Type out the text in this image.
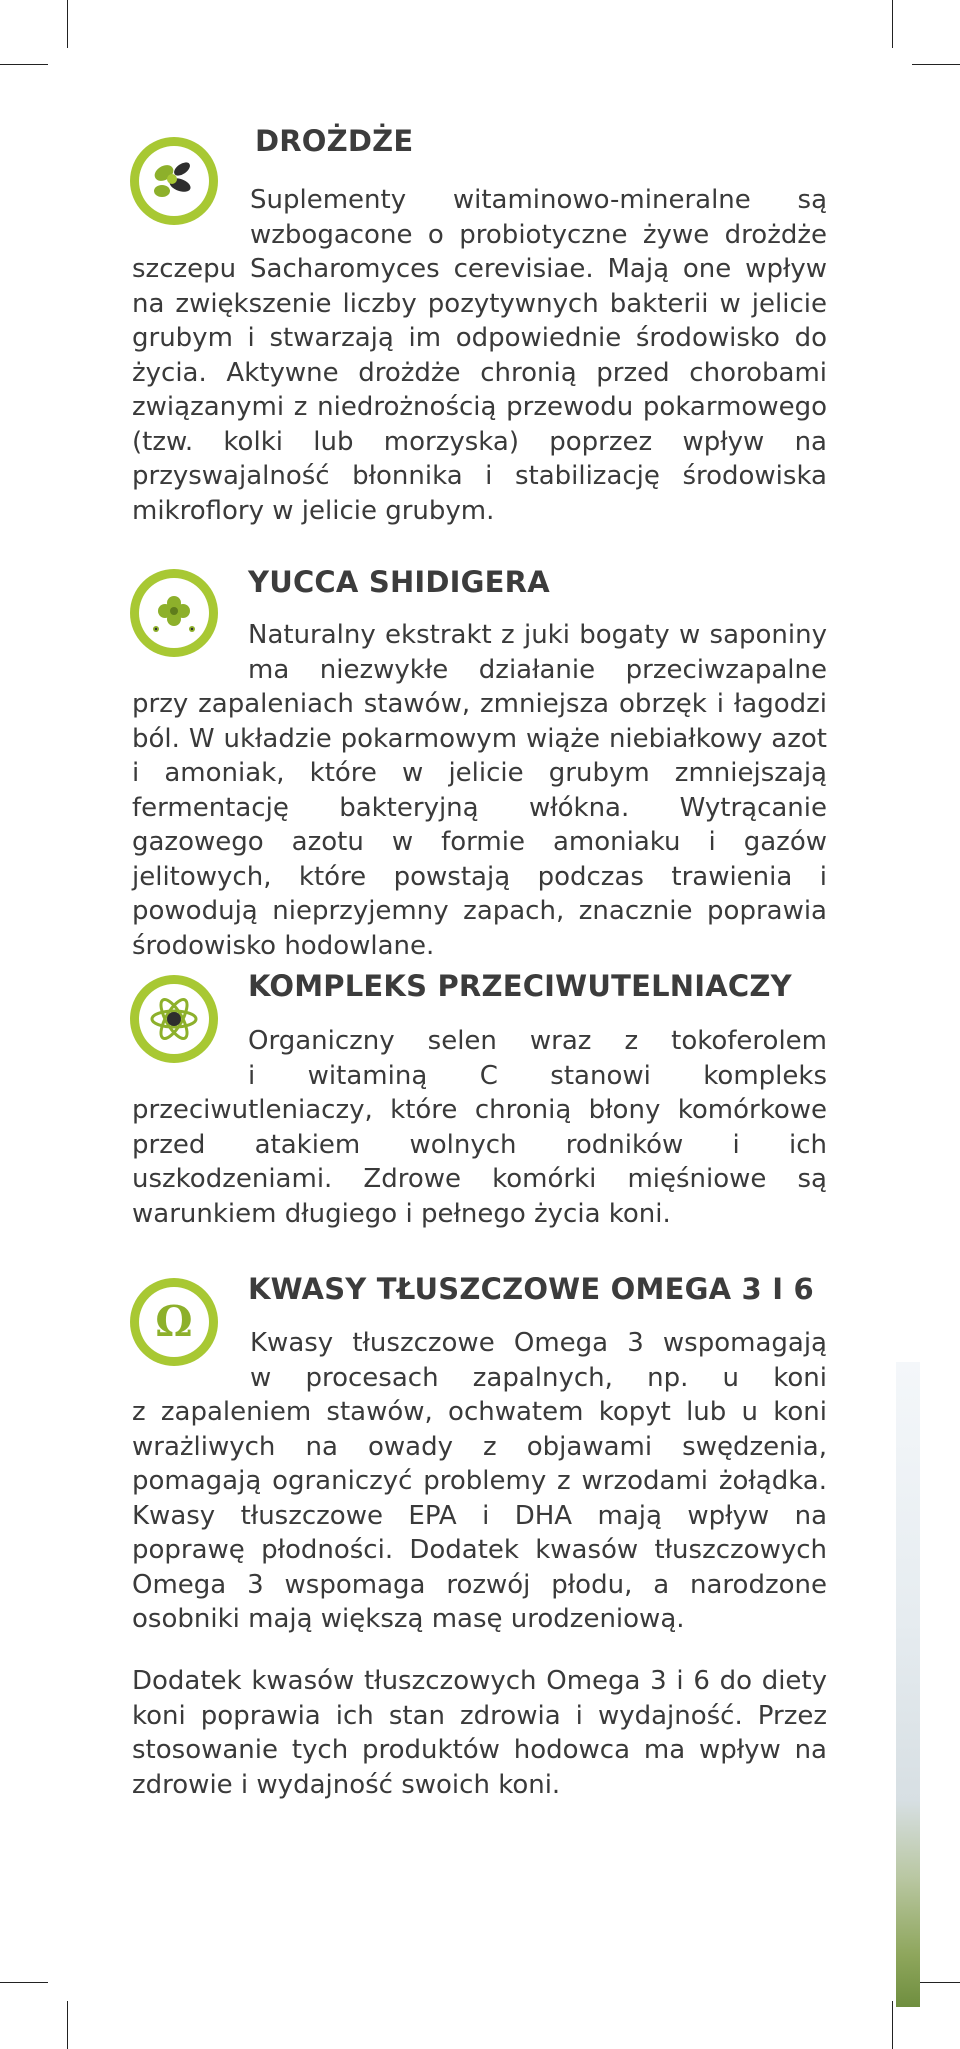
DROŻDŻE

Suplementy witaminowo-mineralne są
wzbogacone o probiotyczne żywe drożdże
szczepu Sacharomyces cerevisiae. Mają one wpływ na zwiększenie liczby pozytywnych bakterii w jelicie grubym i stwarzają im odpowiednie środowisko do życia. Aktywne drożdże chronią przed chorobami związanymi z niedrożnością przewodu pokarmowego (tzw. kolki lub morzyska) poprzez wpływ na przyswajalność błonnika i stabilizację środowiska mikroflory w jelicie grubym.

YUCCA SHIDIGERA

Naturalny ekstrakt z juki bogaty w saponiny
ma niezwykłe działanie przeciwzapalne
przy zapaleniach stawów, zmniejsza obrzęk i łagodzi ból. W układzie pokarmowym wiąże niebiałkowy azot i amoniak, które w jelicie grubym zmniejszają fermentację bakteryjną włókna. Wytrącanie gazowego azotu w formie amoniaku i gazów jelitowych, które powstają podczas trawienia i powodują nieprzyjemny zapach, znacznie poprawia środowisko hodowlane.

KOMPLEKS PRZECIWUTELNIACZY

Organiczny selen wraz z tokoferolem
i witaminą C stanowi kompleks
przeciwutleniaczy, które chronią błony komórkowe przed atakiem wolnych rodników i ich uszkodzeniami. Zdrowe komórki mięśniowe są warunkiem długiego i pełnego życia koni.

Ω
KWASY TŁUSZCZOWE OMEGA 3 I 6

Kwasy tłuszczowe Omega 3 wspomagają
w procesach zapalnych, np. u koni
z zapaleniem stawów, ochwatem kopyt lub u koni wrażliwych na owady z objawami swędzenia, pomagają ograniczyć problemy z wrzodami żołądka. Kwasy tłuszczowe EPA i DHA mają wpływ na poprawę płodności. Dodatek kwasów tłuszczowych Omega 3 wspomaga rozwój płodu, a narodzone osobniki mają większą masę urodzeniową.

Dodatek kwasów tłuszczowych Omega 3 i 6 do diety koni poprawia ich stan zdrowia i wydajność. Przez stosowanie tych produktów hodowca ma wpływ na zdrowie i wydajność swoich koni.
